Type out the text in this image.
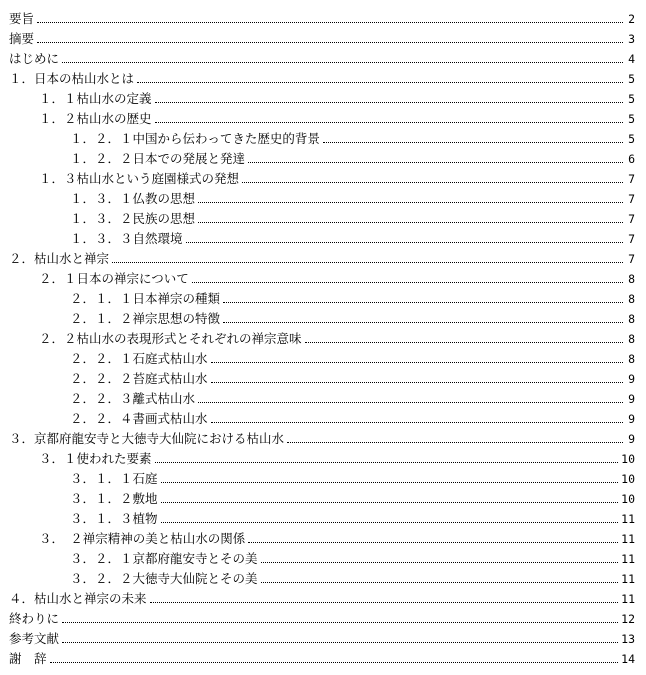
要旨	2
摘要	3
はじめに	4
１．日本の枯山水とは	5
１．１枯山水の定義	5
１．２枯山水の歴史	5
１．２．１中国から伝わってきた歴史的背景	5
１．２．２日本での発展と発達	6
１．３枯山水という庭園様式の発想	7
１．３．１仏教の思想	7
１．３．２民族の思想	7
１．３．３自然環境	7
２．枯山水と禅宗	7
２．１日本の禅宗について	8
２．１．１日本禅宗の種類	8
２．１．２禅宗思想の特徴	8
２．２枯山水の表現形式とそれぞれの禅宗意味	8
２．２．１石庭式枯山水	8
２．２．２苔庭式枯山水	9
２．２．３離式枯山水	9
２．２．４書画式枯山水	9
３．京都府龍安寺と大徳寺大仙院における枯山水	9
３．１使われた要素	10
３．１．１石庭	10
３．１．２敷地	10
３．１．３植物	11
３．　２禅宗精神の美と枯山水の関係	11
３．２．１京都府龍安寺とその美	11
３．２．２大徳寺大仙院とその美	11
４．枯山水と禅宗の未来	11
終わりに	12
参考文献	13
謝　辞	14
